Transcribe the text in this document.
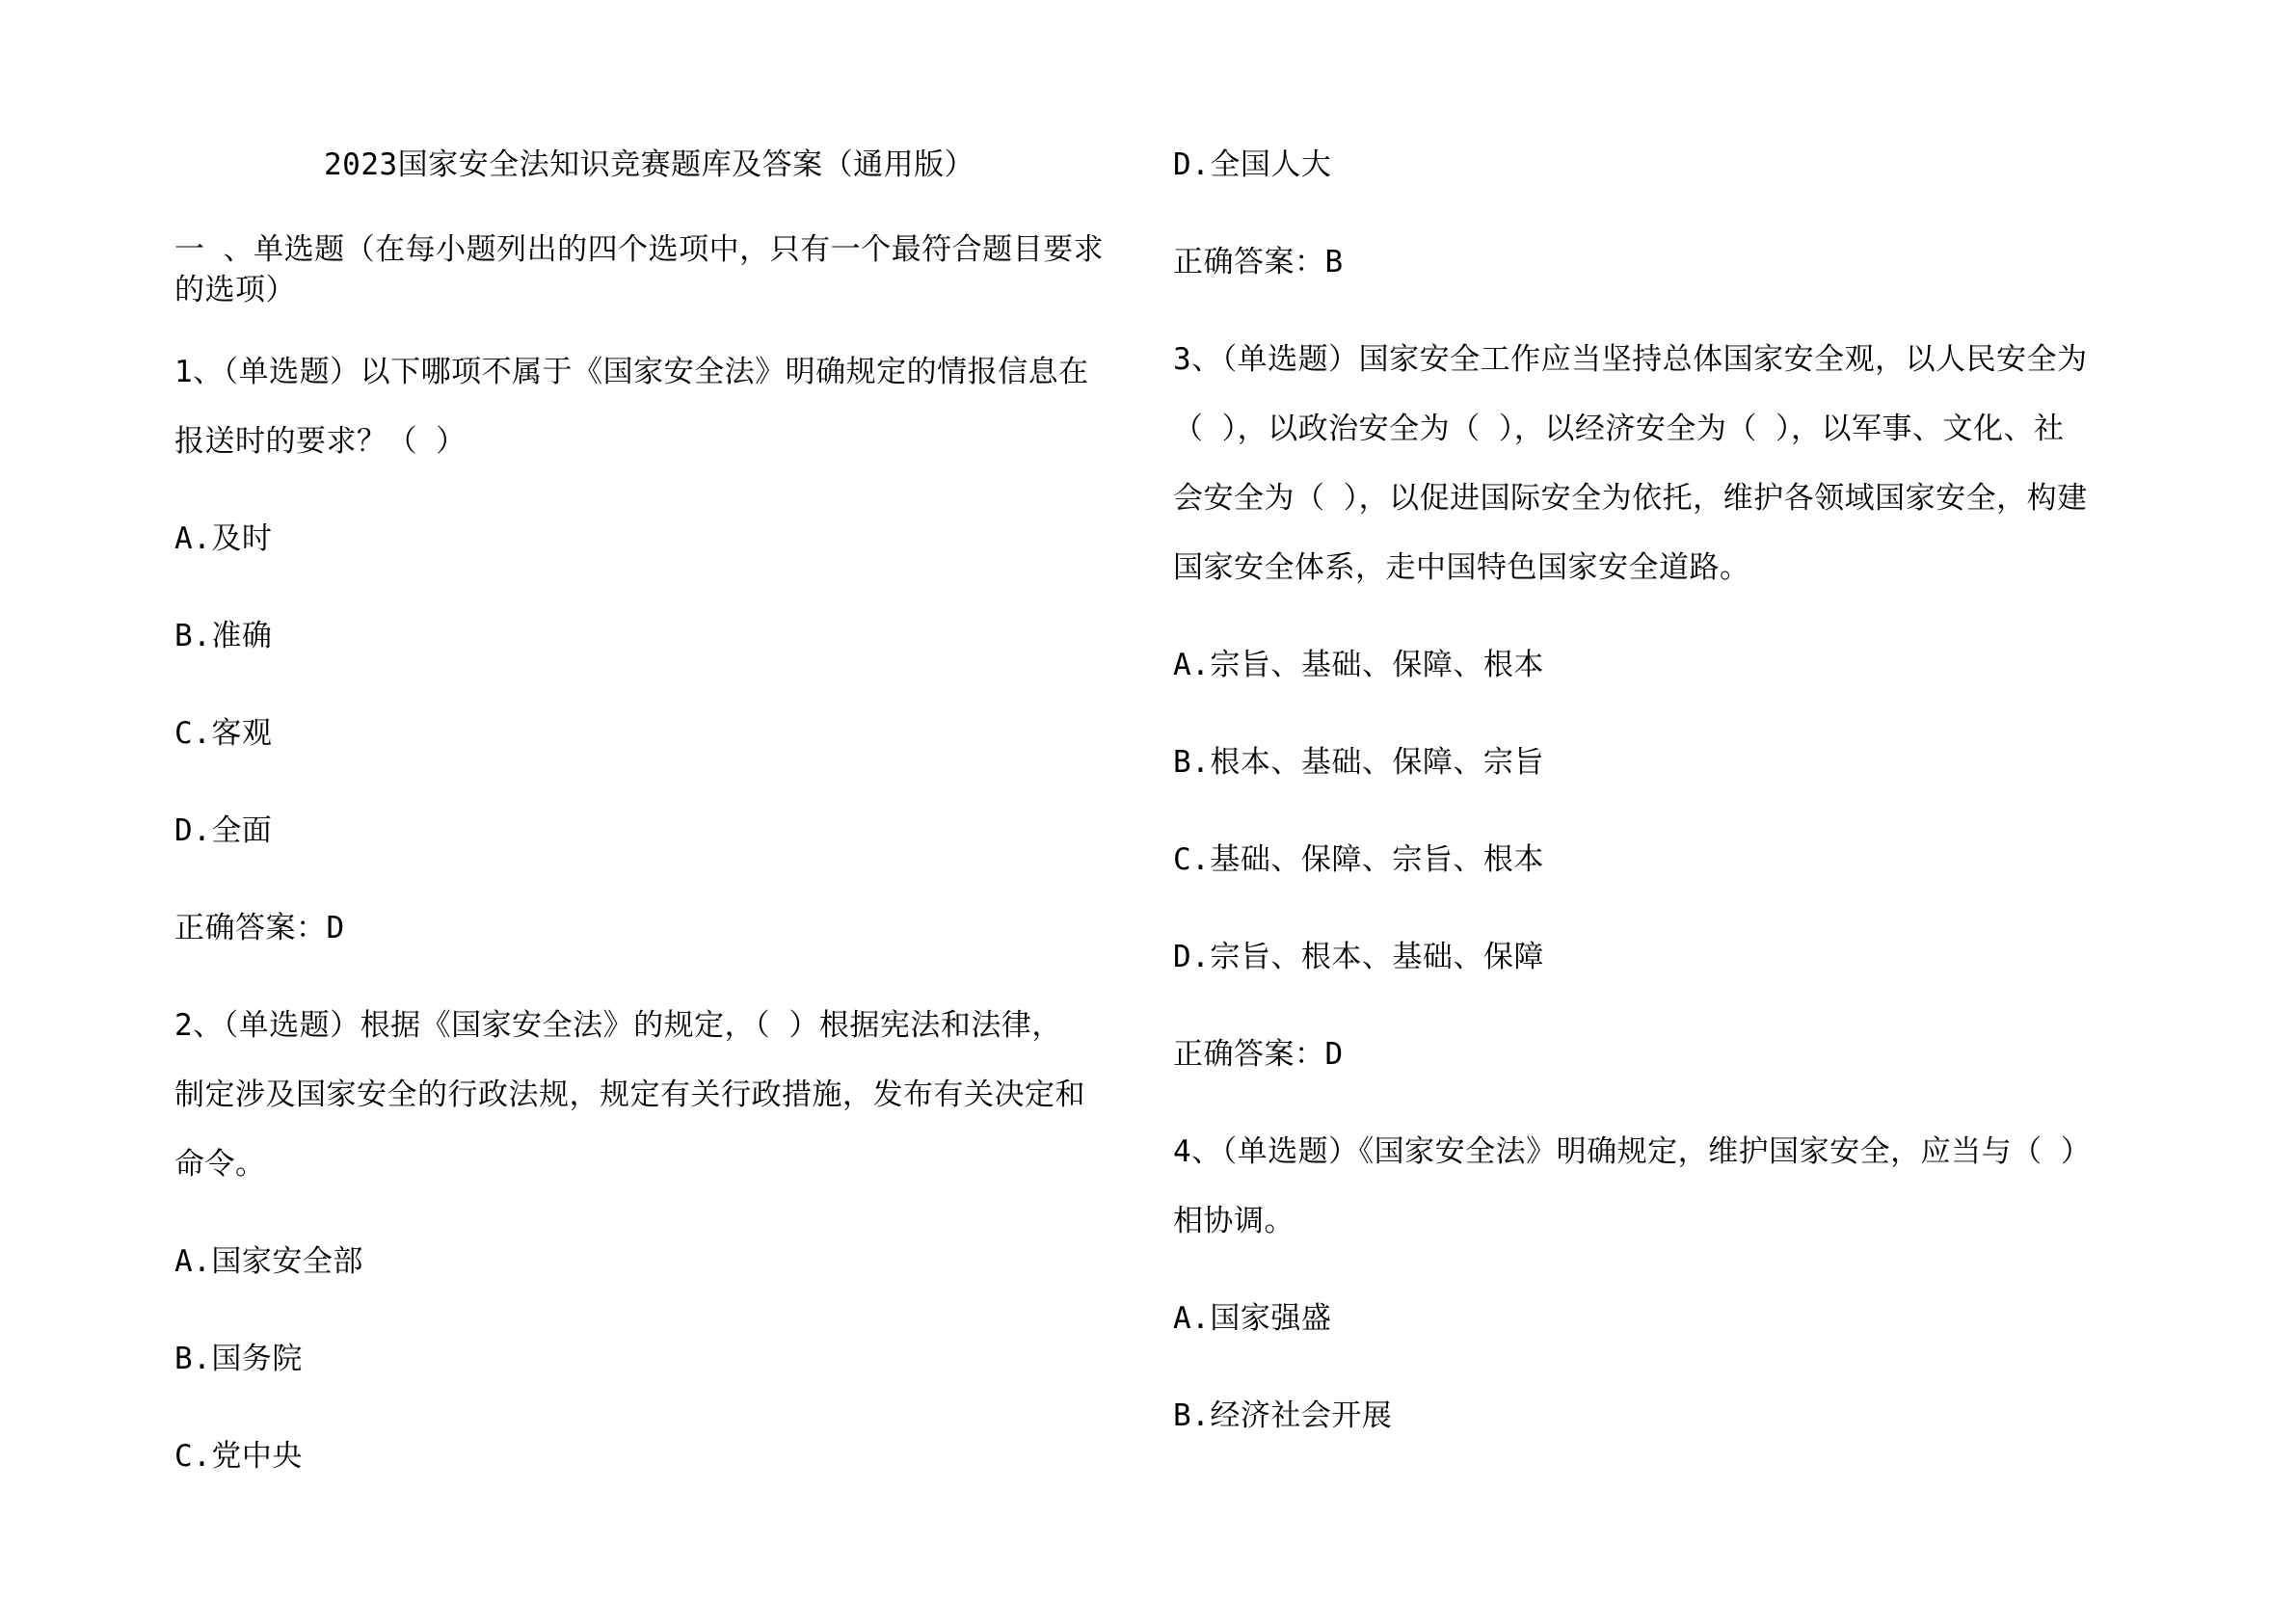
2023国家安全法知识竞赛题库及答案（通用版）
一 、单选题（在每小题列出的四个选项中，只有一个最符合题目要求
的选项）
1、（单选题）以下哪项不属于《国家安全法》明确规定的情报信息在
报送时的要求？（ ）
A.及时
B.准确
C.客观
D.全面
正确答案：D
2、（单选题）根据《国家安全法》的规定，（ ）根据宪法和法律，
制定涉及国家安全的行政法规，规定有关行政措施，发布有关决定和
命令。
A.国家安全部
B.国务院
C.党中央
D.全国人大
正确答案：B
3、（单选题）国家安全工作应当坚持总体国家安全观，以人民安全为
（ ），以政治安全为（ ），以经济安全为（ ），以军事、文化、社
会安全为（ ），以促进国际安全为依托，维护各领域国家安全，构建
国家安全体系，走中国特色国家安全道路。
A.宗旨、基础、保障、根本
B.根本、基础、保障、宗旨
C.基础、保障、宗旨、根本
D.宗旨、根本、基础、保障
正确答案：D
4、（单选题）《国家安全法》明确规定，维护国家安全，应当与（ ）
相协调。
A.国家强盛
B.经济社会开展
